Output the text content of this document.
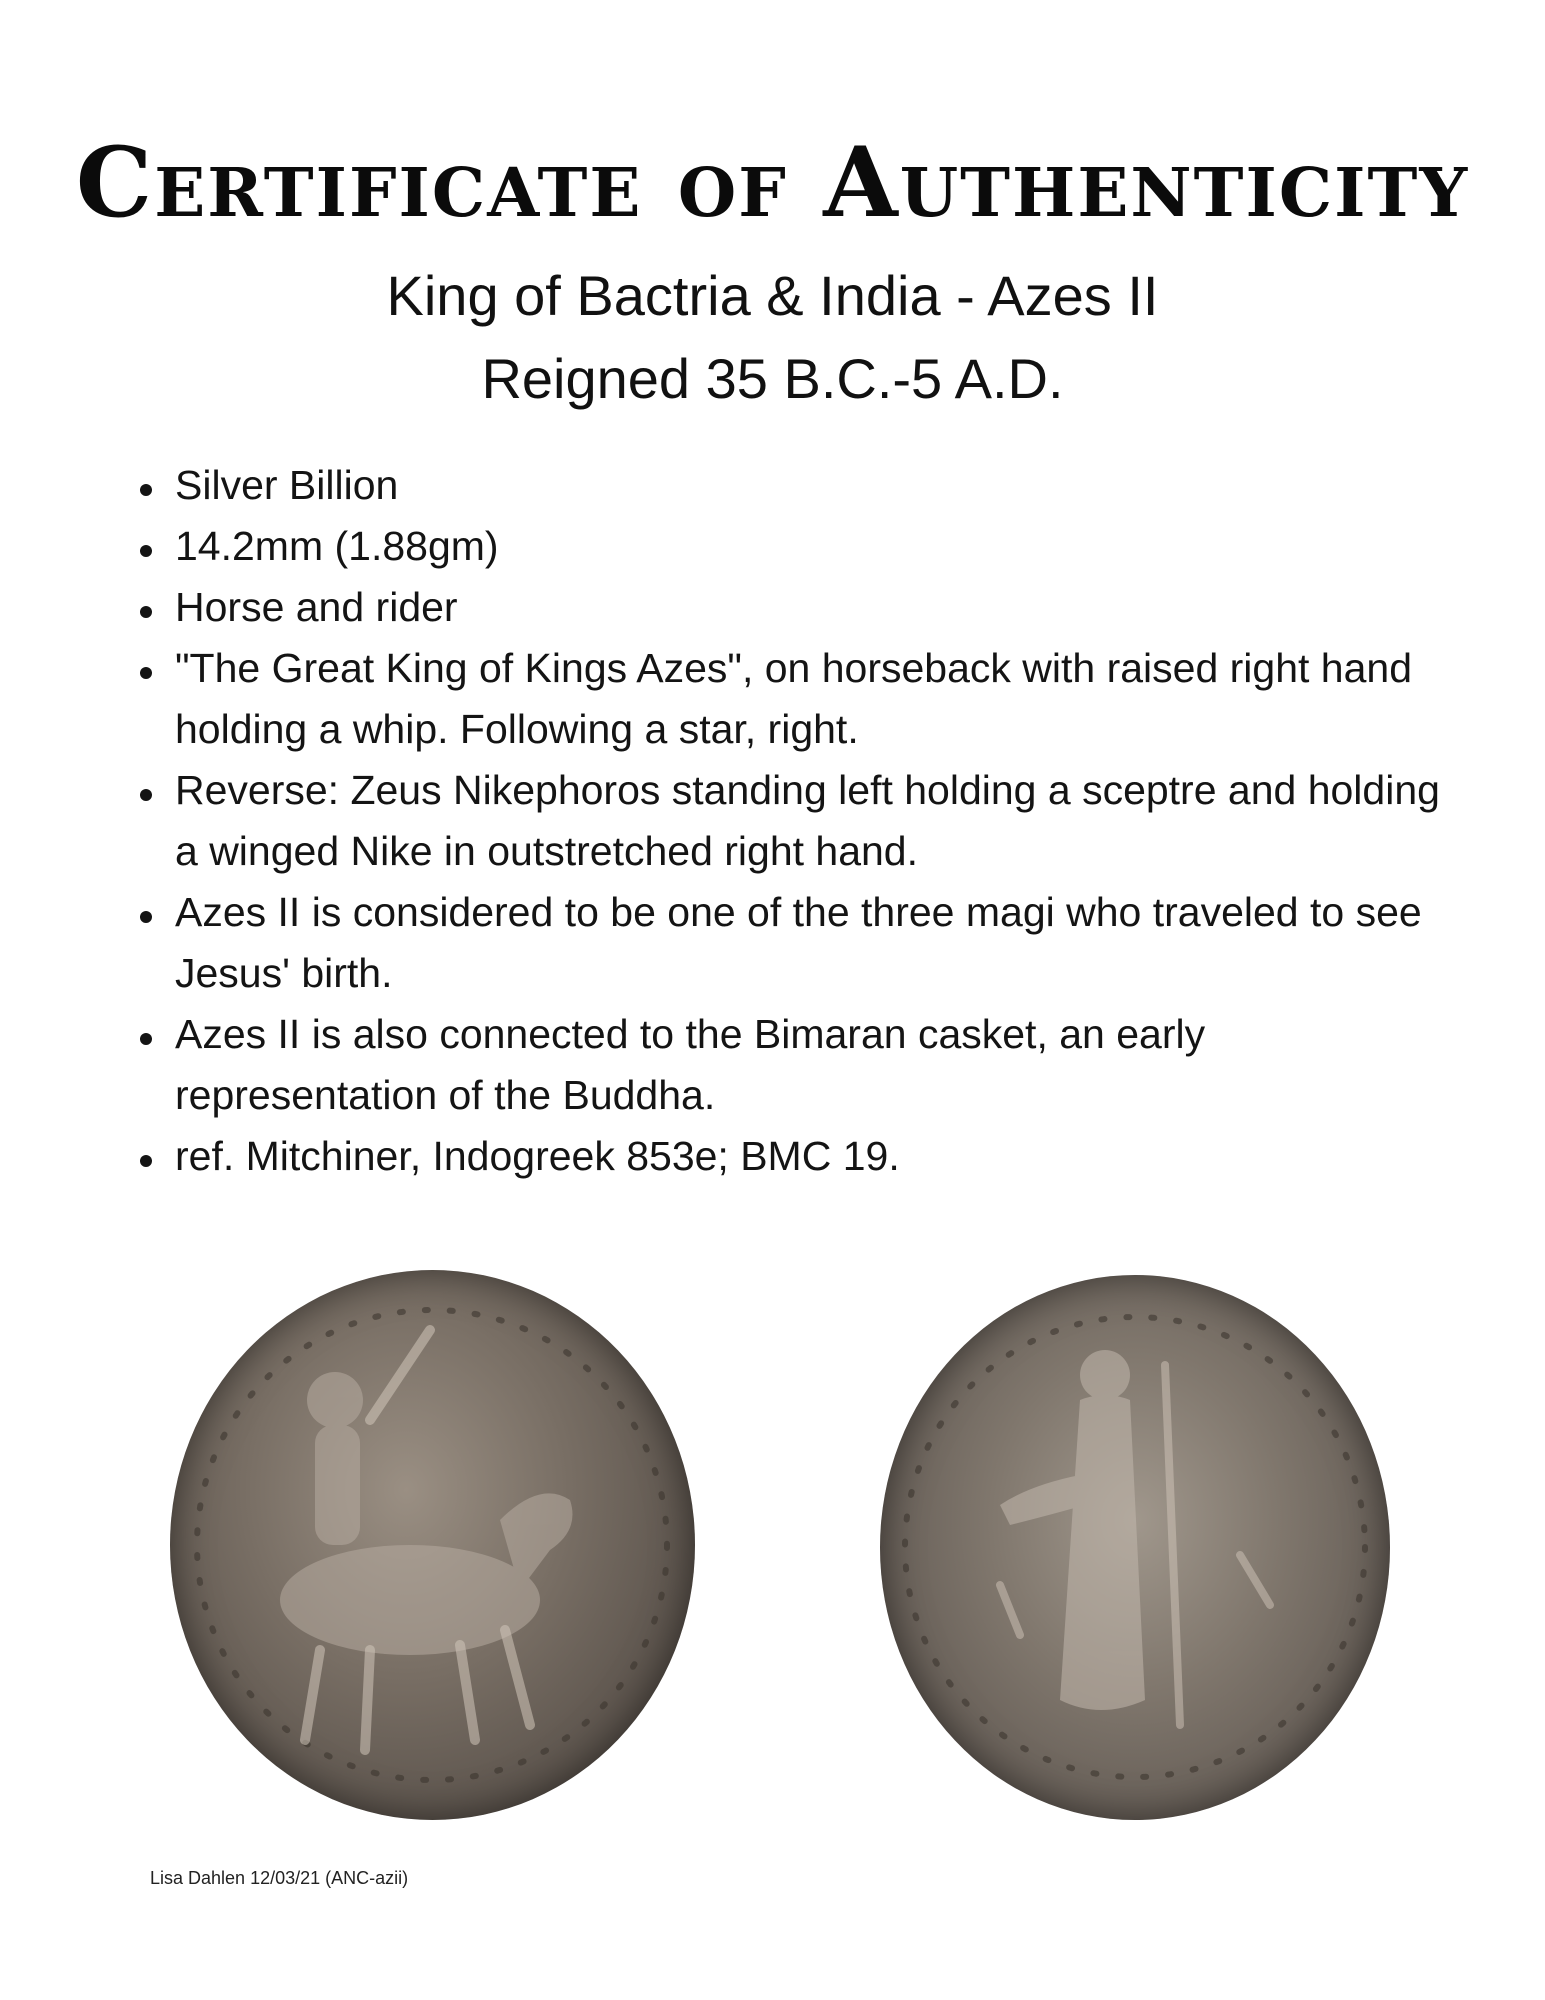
Certificate of Authenticity

King of Bactria & India - Azes II

Reigned 35 B.C.-5 A.D.

Silver Billion
14.2mm (1.88gm)
Horse and rider
"The Great King of Kings Azes", on horseback with raised right hand holding a whip. Following a star, right.
Reverse: Zeus Nikephoros standing left holding a sceptre and holding a winged Nike in outstretched right hand.
Azes II is considered to be one of the three magi who traveled to see Jesus' birth.
Azes II is also connected to the Bimaran casket, an early representation of the Buddha.
ref. Mitchiner, Indogreek 853e; BMC 19.

Lisa Dahlen 12/03/21 (ANC-azii)
